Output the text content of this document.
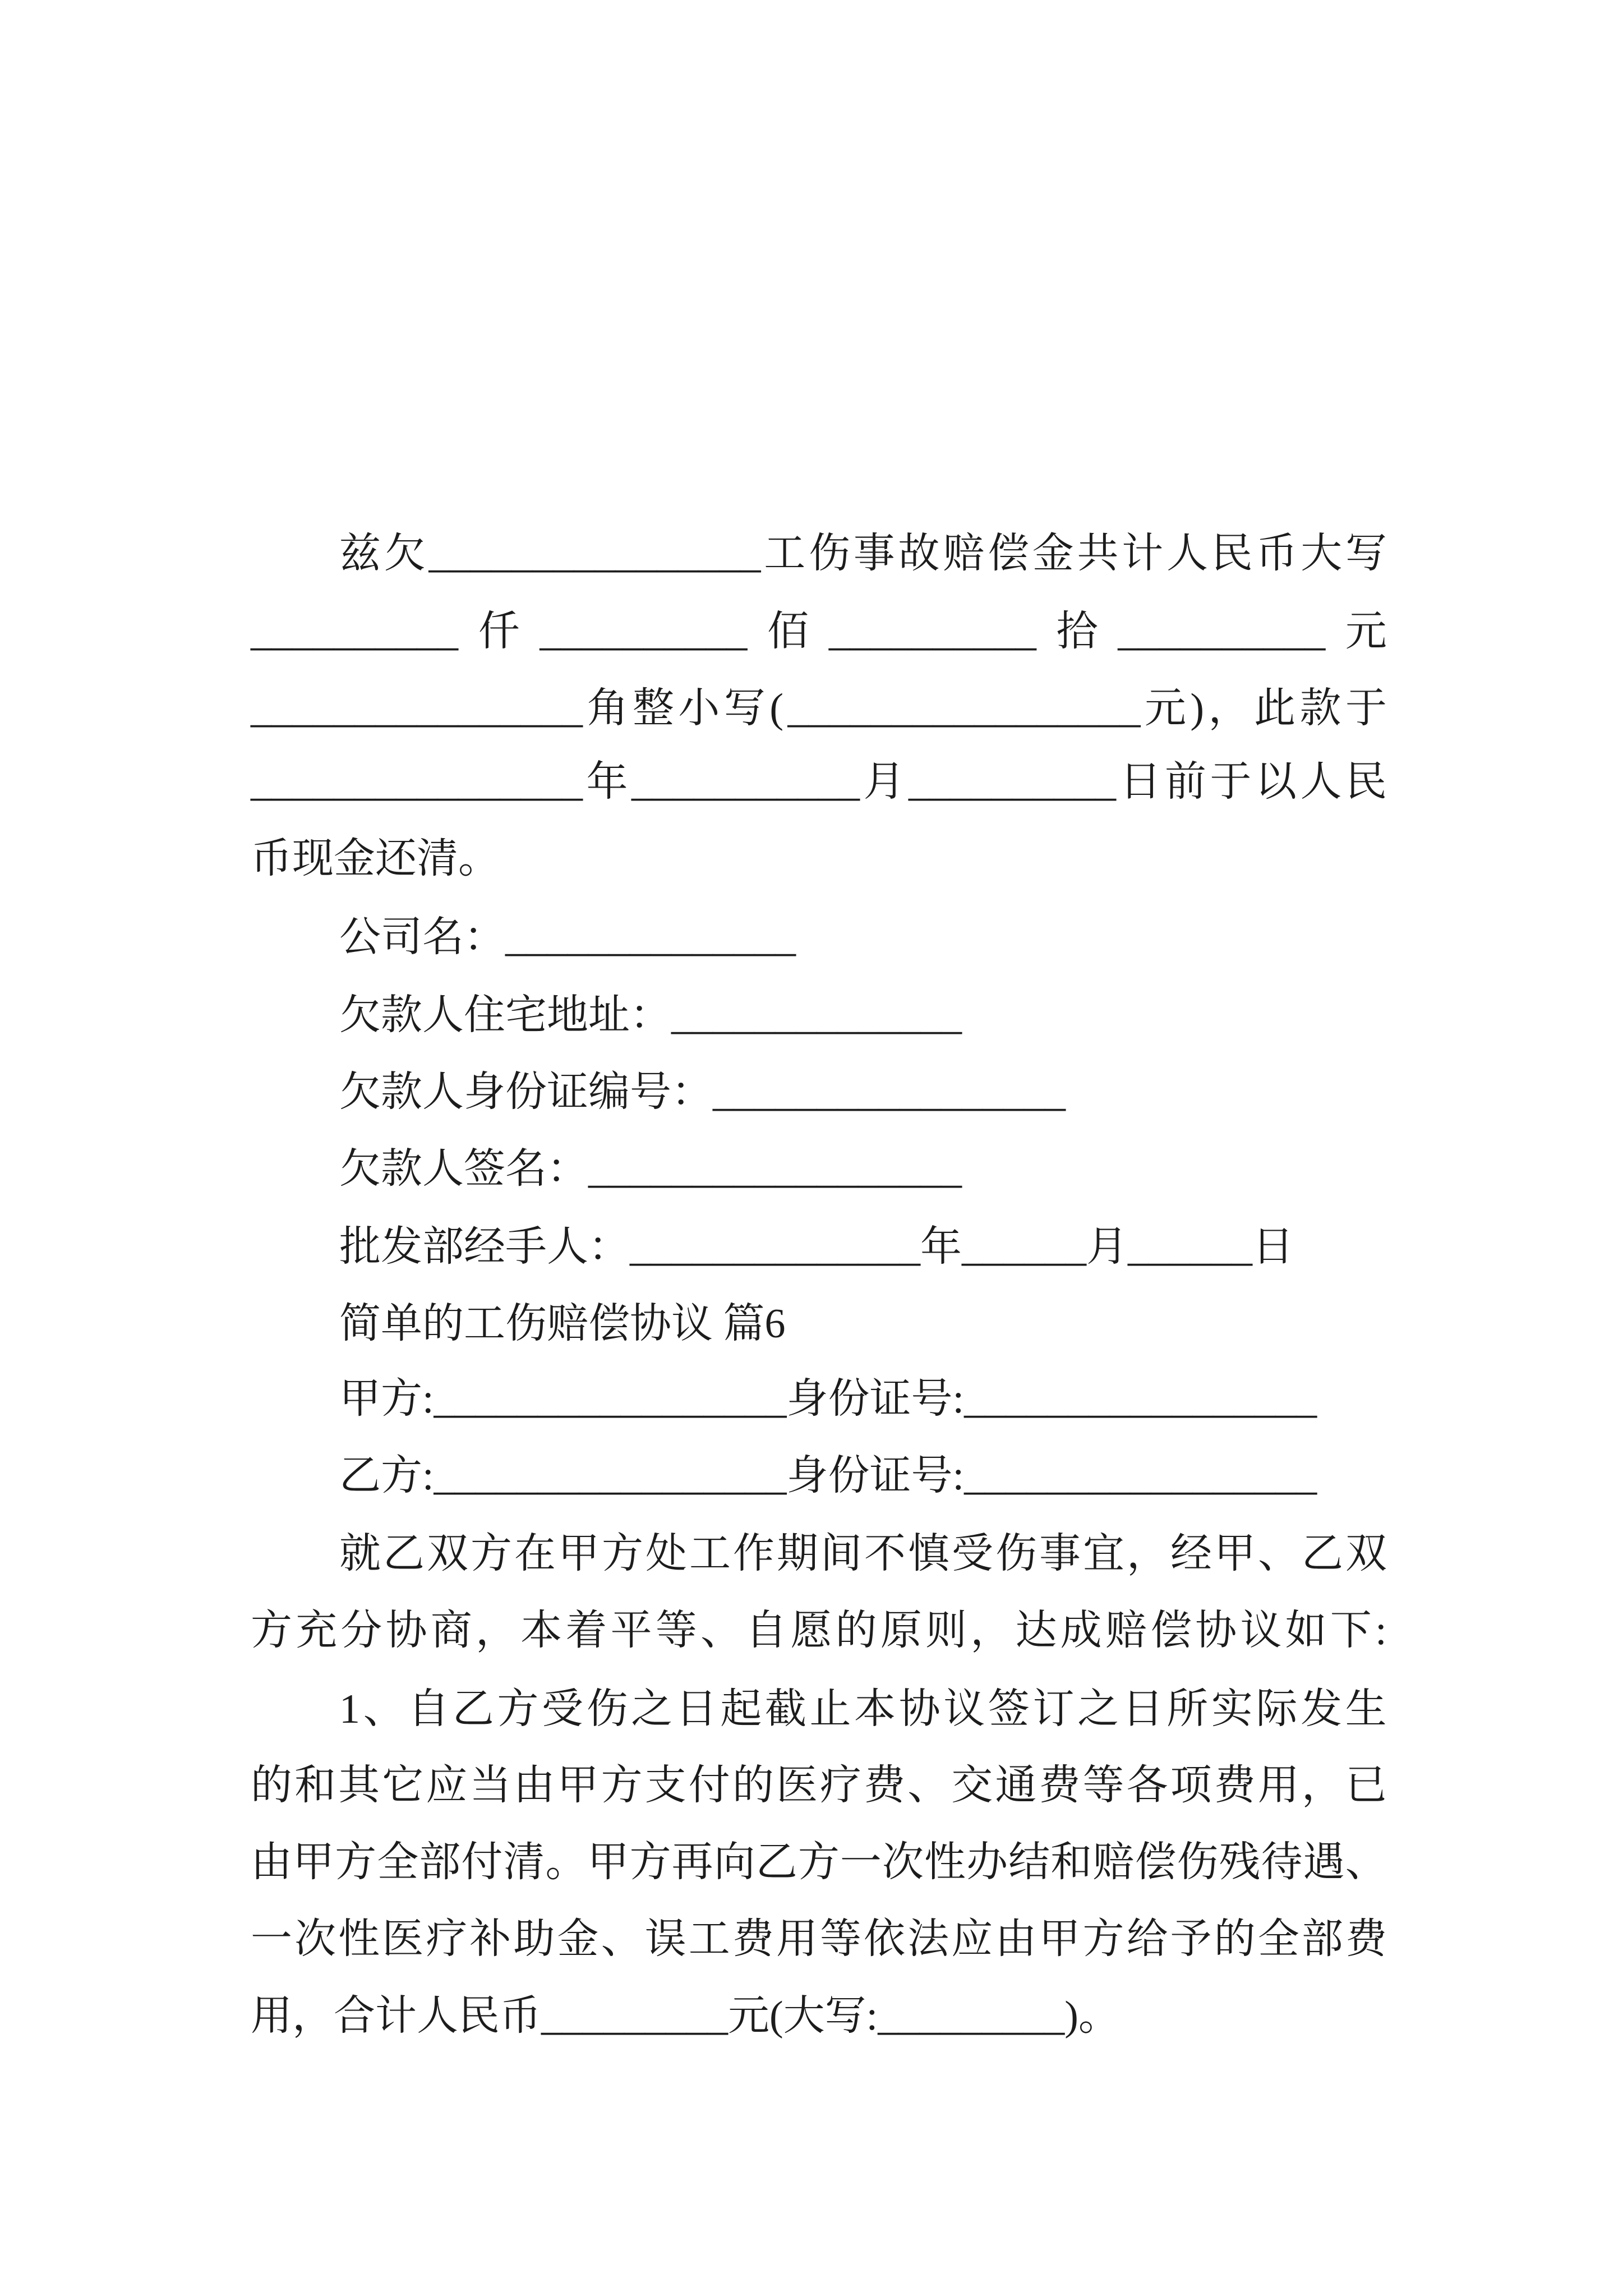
兹 欠 ________________ 工 伤 事 故 赔 偿 金 共 计 人 民 币 大 写
__________ 仟 __________ 佰 __________ 拾 __________ 元
________________ 角 整 小 写 ( _________________ 元 ) ， 此 款 于
________________ 年 ___________ 月 __________ 日 前 于 以 人 民
币现金还清。
公司名：______________
欠款人住宅地址：______________
欠款人身份证编号：_________________
欠款人签名：__________________
批发部经手人：______________年______月______日
简单的工伤赔偿协议 篇6
甲方:_________________身份证号:_________________
乙方:_________________身份证号:_________________
就 乙 双 方 在 甲 方 处 工 作 期 间 不 慎 受 伤 事 宜 ， 经 甲 、 乙 双
方 充 分 协 商 ， 本 着 平 等 、 自 愿 的 原 则 ， 达 成 赔 偿 协 议 如 下 :
1 、 自 乙 方 受 伤 之 日 起 截 止 本 协 议 签 订 之 日 所 实 际 发 生
的 和 其 它 应 当 由 甲 方 支 付 的 医 疗 费 、 交 通 费 等 各 项 费 用 ， 已
由 甲 方 全 部 付 清 。 甲 方 再 向 乙 方 一 次 性 办 结 和 赔 偿 伤 残 待 遇 、
一 次 性 医 疗 补 助 金 、 误 工 费 用 等 依 法 应 由 甲 方 给 予 的 全 部 费
用，合计人民币_________元(大写:_________)。
